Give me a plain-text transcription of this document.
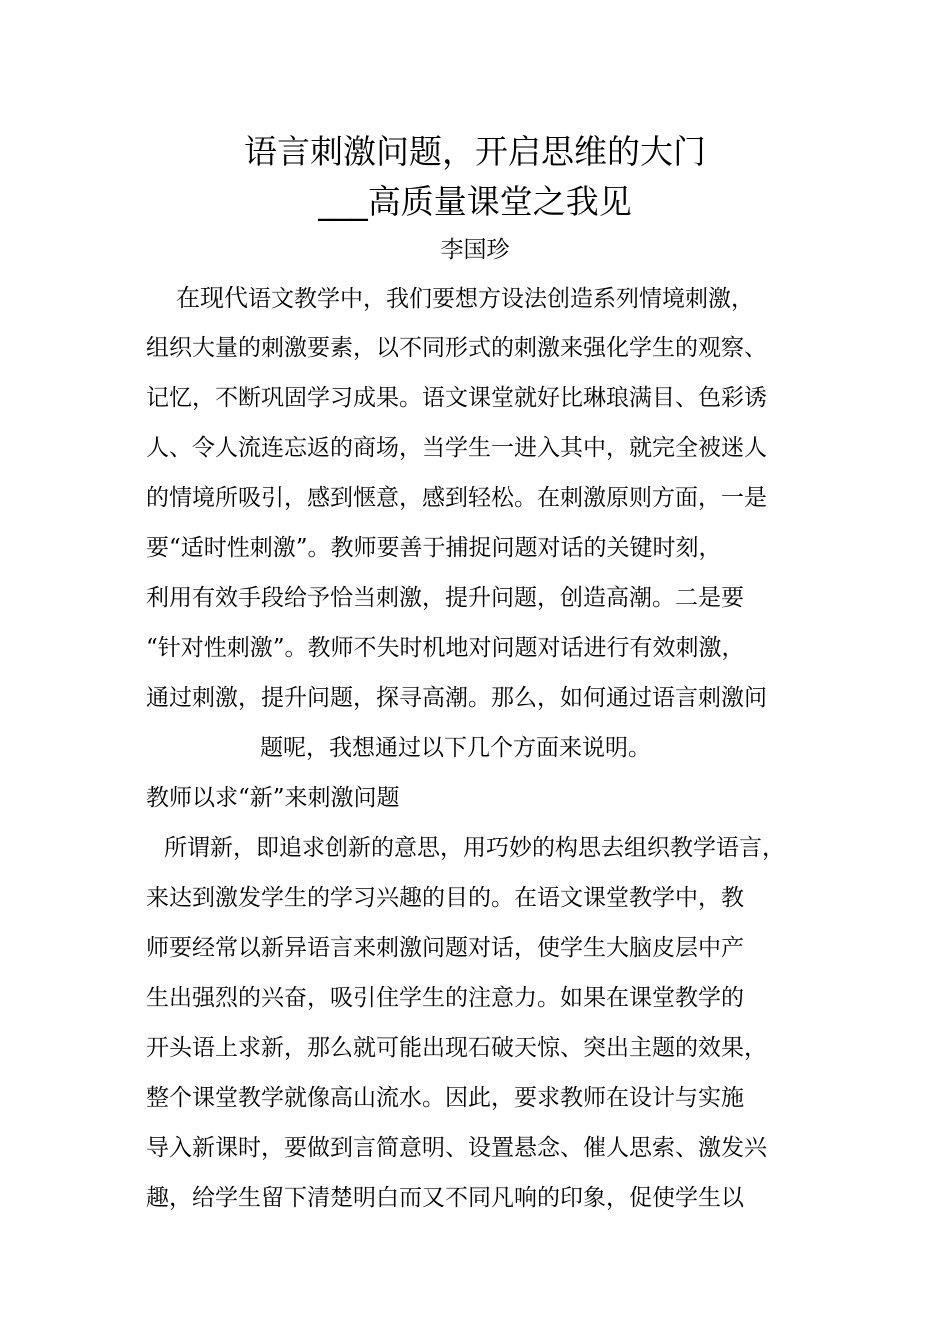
语言刺激问题，开启思维的大门
___高质量课堂之我见
李国珍
在现代语文教学中，我们要想方设法创造系列情境刺激，
组织大量的刺激要素，以不同形式的刺激来强化学生的观察、
记忆，不断巩固学习成果。语文课堂就好比琳琅满目、色彩诱
人、令人流连忘返的商场，当学生一进入其中，就完全被迷人
的情境所吸引，感到惬意，感到轻松。在刺激原则方面，一是
要“适时性刺激”。教师要善于捕捉问题对话的关键时刻，
利用有效手段给予恰当刺激，提升问题，创造高潮。二是要
“针对性刺激”。教师不失时机地对问题对话进行有效刺激，
通过刺激，提升问题，探寻高潮。那么，如何通过语言刺激问
题呢，我想通过以下几个方面来说明。
教师以求“新”来刺激问题
所谓新，即追求创新的意思，用巧妙的构思去组织教学语言，
来达到激发学生的学习兴趣的目的。在语文课堂教学中，教
师要经常以新异语言来刺激问题对话，使学生大脑皮层中产
生出强烈的兴奋，吸引住学生的注意力。如果在课堂教学的
开头语上求新，那么就可能出现石破天惊、突出主题的效果，
整个课堂教学就像高山流水。因此，要求教师在设计与实施
导入新课时，要做到言简意明、设置悬念、催人思索、激发兴
趣，给学生留下清楚明白而又不同凡响的印象，促使学生以
